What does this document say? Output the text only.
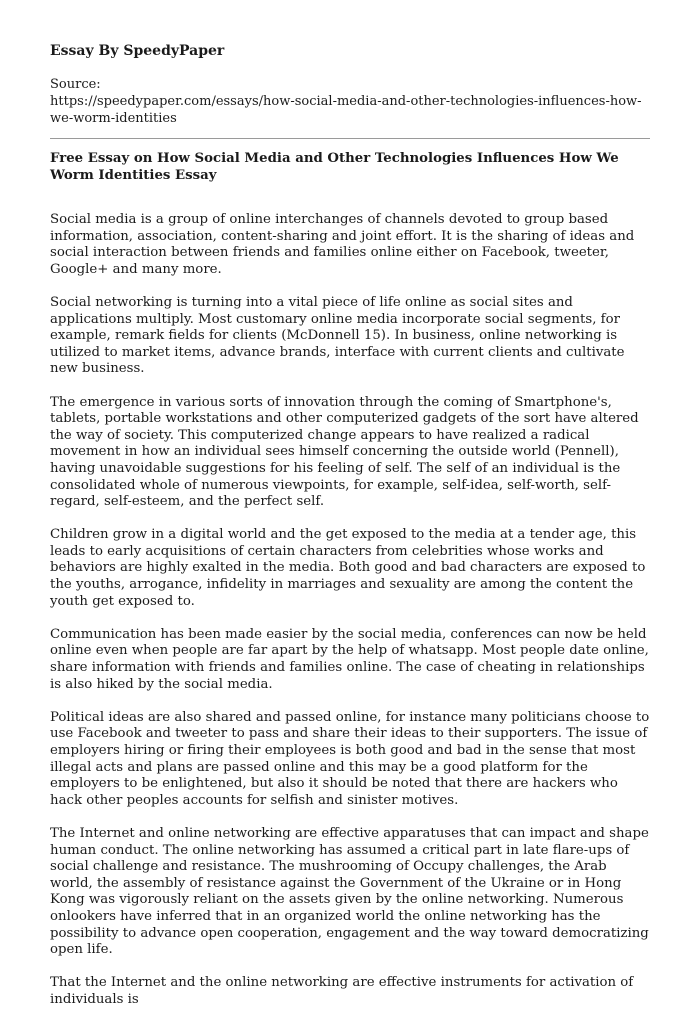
Essay By SpeedyPaper
Source:
https://speedypaper.com/essays/how-social-media-and-other-technologies-influences-how-we-worm-identities
Free Essay on How Social Media and Other Technologies Influences How We Worm Identities Essay

Social media is a group of online interchanges of channels devoted to group based information, association, content-sharing and joint effort. It is the sharing of ideas and social interaction between friends and families online either on Facebook, tweeter, Google+ and many more.

Social networking is turning into a vital piece of life online as social sites and applications multiply. Most customary online media incorporate social segments, for example, remark fields for clients (McDonnell 15). In business, online networking is utilized to market items, advance brands, interface with current clients and cultivate new business.

The emergence in various sorts of innovation through the coming of Smartphone's, tablets, portable workstations and other computerized gadgets of the sort have altered the way of society. This computerized change appears to have realized a radical movement in how an individual sees himself concerning the outside world (Pennell), having unavoidable suggestions for his feeling of self. The self of an individual is the consolidated whole of numerous viewpoints, for example, self-idea, self-worth, self-regard, self-esteem, and the perfect self.

Children grow in a digital world and the get exposed to the media at a tender age, this leads to early acquisitions of certain characters from celebrities whose works and behaviors are highly exalted in the media. Both good and bad characters are exposed to the youths, arrogance, infidelity in marriages and sexuality are among the content the youth get exposed to.

Communication has been made easier by the social media, conferences can now be held online even when people are far apart by the help of whatsapp. Most people date online, share information with friends and families online. The case of cheating in relationships is also hiked by the social media.

Political ideas are also shared and passed online, for instance many politicians choose to use Facebook and tweeter to pass and share their ideas to their supporters. The issue of employers hiring or firing their employees is both good and bad in the sense that most illegal acts and plans are passed online and this may be a good platform for the employers to be enlightened, but also it should be noted that there are hackers who hack other peoples accounts for selfish and sinister motives.

The Internet and online networking are effective apparatuses that can impact and shape human conduct. The online networking has assumed a critical part in late flare-ups of social challenge and resistance. The mushrooming of Occupy challenges, the Arab world, the assembly of resistance against the Government of the Ukraine or in Hong Kong was vigorously reliant on the assets given by the online networking. Numerous onlookers have inferred that in an organized world the online networking has the possibility to advance open cooperation, engagement and the way toward democratizing open life.

That the Internet and the online networking are effective instruments for activation of individuals is
